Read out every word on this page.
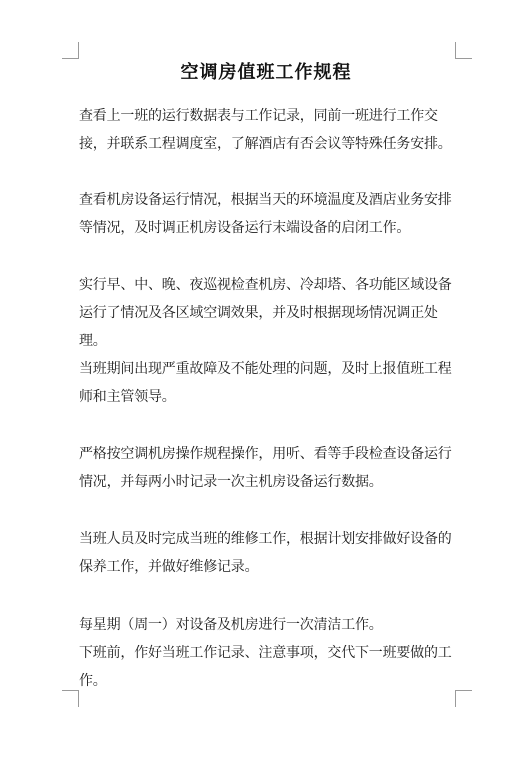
空调房值班工作规程

查看上一班的运行数据表与工作记录，同前一班进行工作交接，并联系工程调度室，了解酒店有否会议等特殊任务安排。

查看机房设备运行情况，根据当天的环境温度及酒店业务安排等情况，及时调正机房设备运行末端设备的启闭工作。

实行早、中、晚、夜巡视检查机房、冷却塔、各功能区域设备运行了情况及各区域空调效果，并及时根据现场情况调正处理。

当班期间出现严重故障及不能处理的问题，及时上报值班工程师和主管领导。

严格按空调机房操作规程操作，用听、看等手段检查设备运行情况，并每两小时记录一次主机房设备运行数据。

当班人员及时完成当班的维修工作，根据计划安排做好设备的保养工作，并做好维修记录。

每星期（周一）对设备及机房进行一次清洁工作。

下班前，作好当班工作记录、注意事项，交代下一班要做的工作。
